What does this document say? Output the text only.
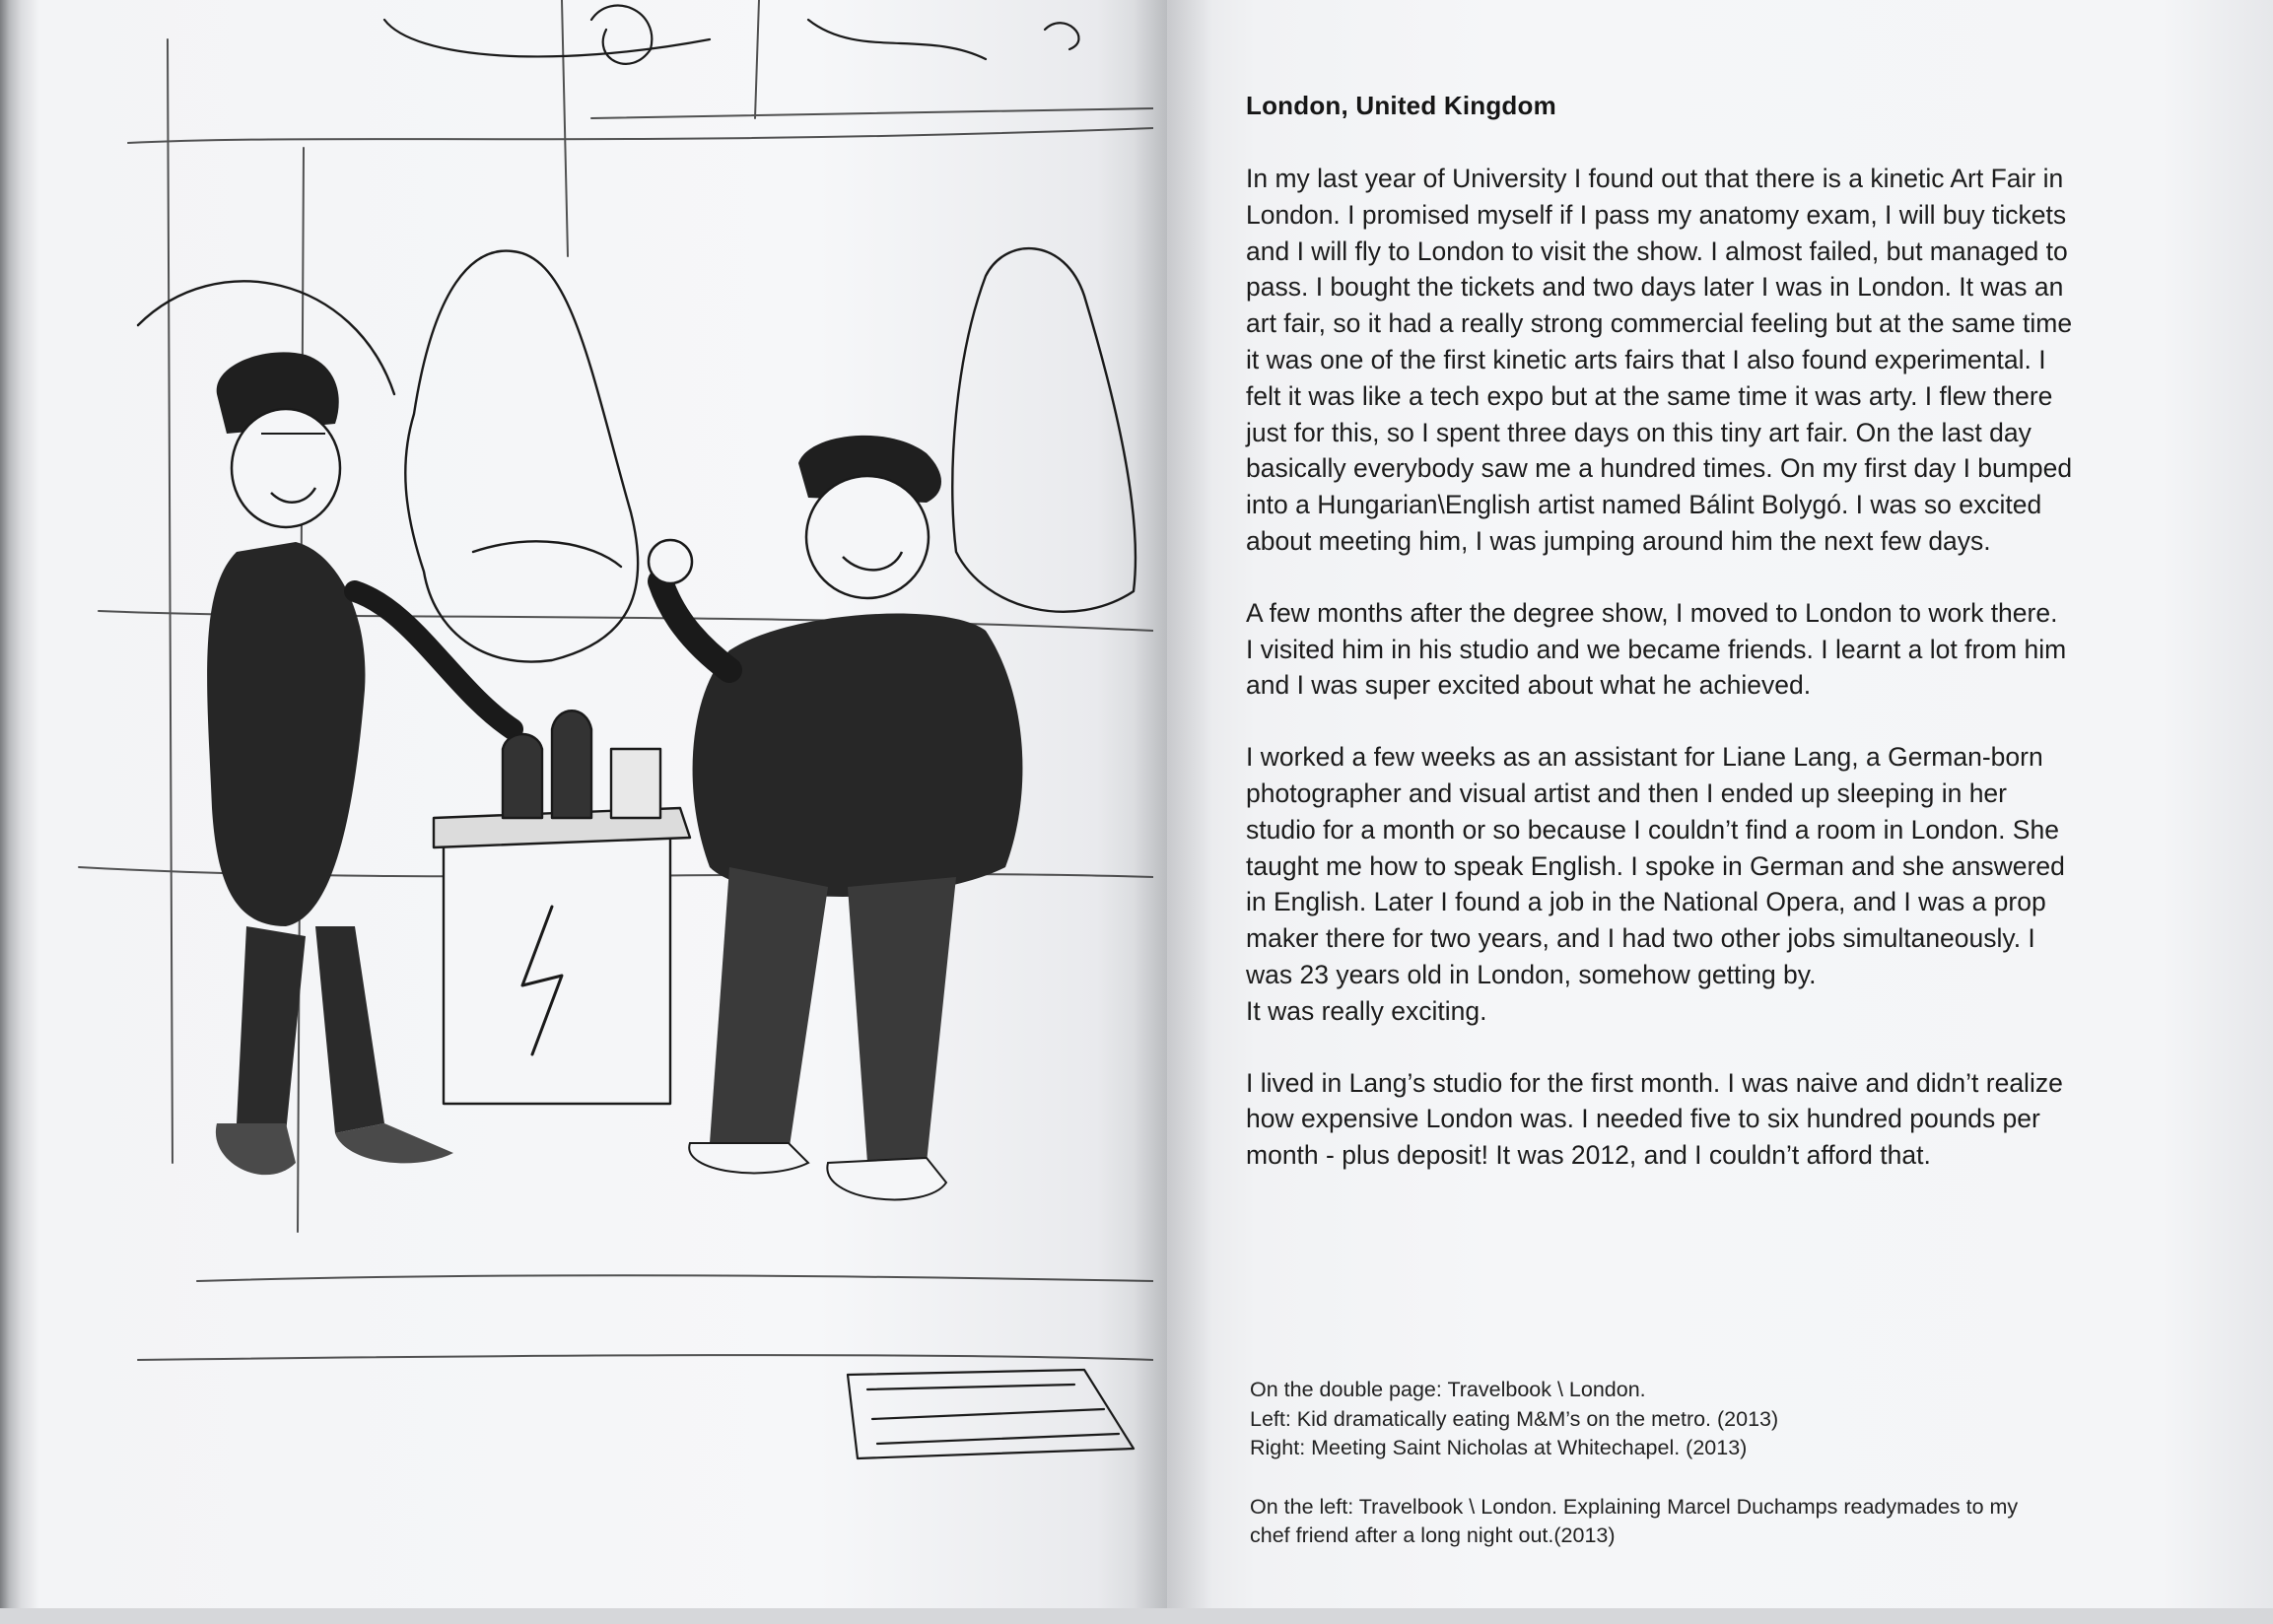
London, United Kingdom

In my last year of University I found out that there is a kinetic Art Fair in
London. I promised myself if I pass my anatomy exam, I will buy tickets
and I will fly to London to visit the show. I almost failed, but managed to
pass. I bought the tickets and two days later I was in London. It was an
art fair, so it had a really strong commercial feeling but at the same time
it was one of the first kinetic arts fairs that I also found experimental. I
felt it was like a tech expo but at the same time it was arty. I flew there
just for this, so I spent three days on this tiny art fair. On the last day
basically everybody saw me a hundred times. On my first day I bumped
into a Hungarian\English artist named Bálint Bolygó. I was so excited
about meeting him, I was jumping around him the next few days.

A few months after the degree show, I moved to London to work there.
I visited him in his studio and we became friends. I learnt a lot from him
and I was super excited about what he achieved.

I worked a few weeks as an assistant for Liane Lang, a German-born
photographer and visual artist and then I ended up sleeping in her
studio for a month or so because I couldn’t find a room in London. She
taught me how to speak English. I spoke in German and she answered
in English. Later I found a job in the National Opera, and I was a prop
maker there for two years, and I had two other jobs simultaneously. I
was 23 years old in London, somehow getting by.
It was really exciting.

I lived in Lang’s studio for the first month. I was naive and didn’t realize
how expensive London was. I needed five to six hundred pounds per
month - plus deposit! It was 2012, and I couldn’t afford that.

On the double page: Travelbook \ London.
Left: Kid dramatically eating M&M’s on the metro. (2013)
Right: Meeting Saint Nicholas at Whitechapel. (2013)

On the left: Travelbook \ London. Explaining Marcel Duchamps readymades to my
chef friend after a long night out.(2013)
